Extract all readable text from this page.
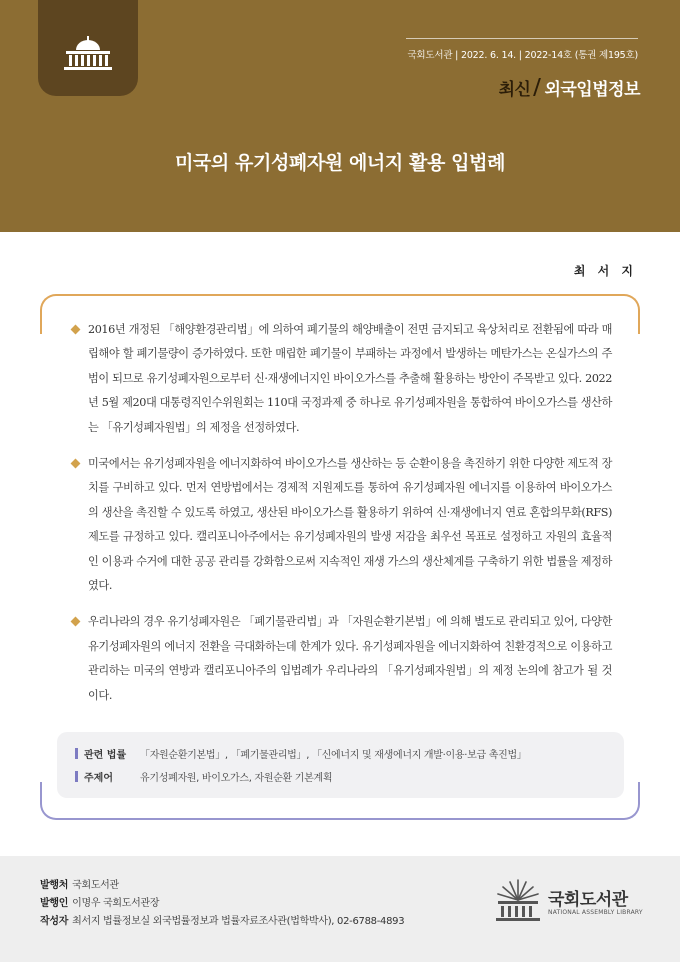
국회도서관 | 2022. 6. 14. | 2022-14호 (통권 제195호)
최신 외국입법정보
미국의 유기성폐자원 에너지 활용 입법례
최 서 지
2016년 개정된 「해양환경관리법」에 의하여 폐기물의 해양배출이 전면 금지되고 육상처리로 전환됨에 따라 매립해야 할 폐기물량이 증가하였다. 또한 매립한 폐기물이 부패하는 과정에서 발생하는 메탄가스는 온실가스의 주범이 되므로 유기성폐자원으로부터 신·재생에너지인 바이오가스를 추출해 활용하는 방안이 주목받고 있다. 2022년 5월 제20대 대통령직인수위원회는 110대 국정과제 중 하나로 유기성폐자원을 통합하여 바이오가스를 생산하는 「유기성폐자원법」의 제정을 선정하였다.
미국에서는 유기성폐자원을 에너지화하여 바이오가스를 생산하는 등 순환이용을 촉진하기 위한 다양한 제도적 장치를 구비하고 있다. 먼저 연방법에서는 경제적 지원제도를 통하여 유기성폐자원 에너지를 이용하여 바이오가스의 생산을 촉진할 수 있도록 하였고, 생산된 바이오가스를 활용하기 위하여 신·재생에너지 연료 혼합의무화(RFS) 제도를 규정하고 있다. 캘리포니아주에서는 유기성폐자원의 발생 저감을 최우선 목표로 설정하고 자원의 효율적인 이용과 수거에 대한 공공 관리를 강화함으로써 지속적인 재생 가스의 생산체계를 구축하기 위한 법률을 제정하였다.
우리나라의 경우 유기성폐자원은 「폐기물관리법」과 「자원순환기본법」에 의해 별도로 관리되고 있어, 다양한 유기성폐자원의 에너지 전환을 극대화하는데 한계가 있다. 유기성폐자원을 에너지화하여 친환경적으로 이용하고 관리하는 미국의 연방과 캘리포니아주의 입법례가 우리나라의 「유기성폐자원법」의 제정 논의에 참고가 될 것이다.
관련 법률	「자원순환기본법」, 「폐기물관리법」, 「신에너지 및 재생에너지 개발·이용·보급 촉진법」
주제어	유기성폐자원, 바이오가스, 자원순환 기본계획
발행처 국회도서관
발행인 이명우 국회도서관장
작성자 최서지 법률정보실 외국법률정보과 법률자료조사관(법학박사), 02-6788-4893
국회도서관
NATIONAL ASSEMBLY LIBRARY
